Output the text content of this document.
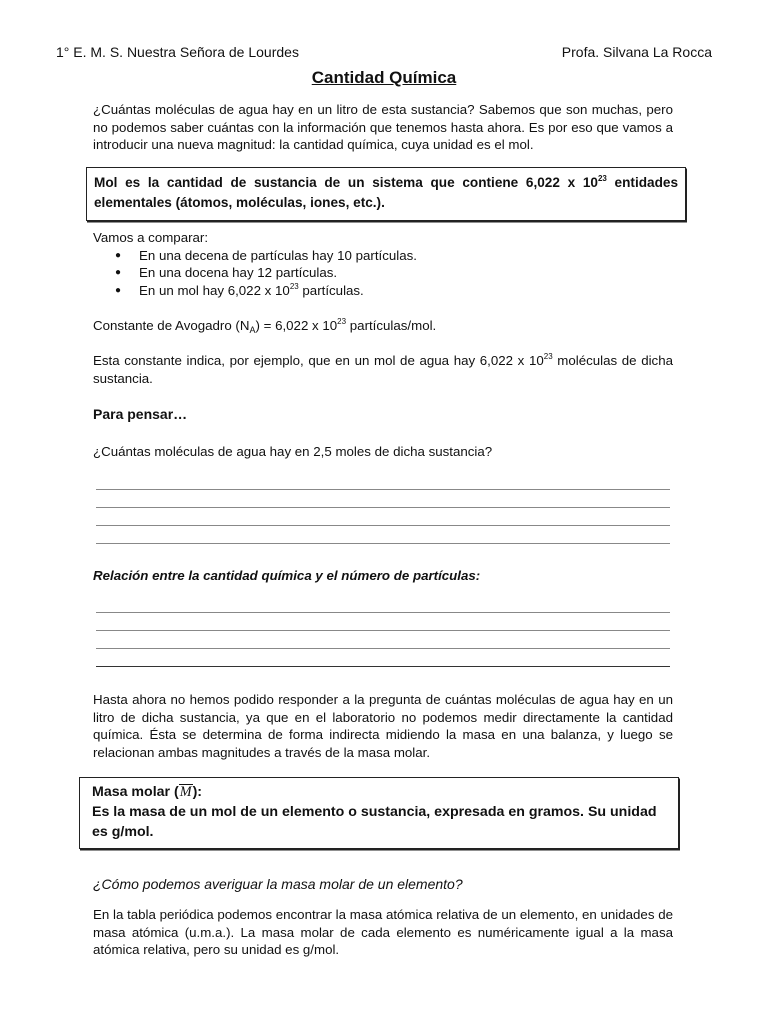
1° E. M. S. Nuestra Señora de Lourdes	Profa. Silvana La Rocca
Cantidad Química
¿Cuántas moléculas de agua hay en un litro de esta sustancia? Sabemos que son muchas, pero no podemos saber cuántas con la información que tenemos hasta ahora. Es por eso que vamos a introducir una nueva magnitud: la cantidad química, cuya unidad es el mol.
Mol es la cantidad de sustancia de un sistema que contiene 6,022 x $10^{23}$ entidades elementales (átomos, moléculas, iones, etc.).
Vamos a comparar:
● En una decena de partículas hay 10 partículas.
● En una docena hay 12 partículas.
● En un mol hay 6,022 x $10^{23}$ partículas.
Constante de Avogadro $(N_A) = 6,022$ x $10^{23}$ partículas/mol.
Esta constante indica, por ejemplo, que en un mol de agua hay 6,022 x $10^{23}$ moléculas de dicha sustancia.
Para pensar…
¿Cuántas moléculas de agua hay en 2,5 moles de dicha sustancia?
Relación entre la cantidad química y el número de partículas:
Hasta ahora no hemos podido responder a la pregunta de cuántas moléculas de agua hay en un litro de dicha sustancia, ya que en el laboratorio no podemos medir directamente la cantidad química. Ésta se determina de forma indirecta midiendo la masa en una balanza, y luego se relacionan ambas magnitudes a través de la masa molar.
Masa molar (M):
Es la masa de un mol de un elemento o sustancia, expresada en gramos. Su unidad es g/mol.
¿Cómo podemos averiguar la masa molar de un elemento?
En la tabla periódica podemos encontrar la masa atómica relativa de un elemento, en unidades de masa atómica (u.m.a.). La masa molar de cada elemento es numéricamente igual a la masa atómica relativa, pero su unidad es g/mol.
